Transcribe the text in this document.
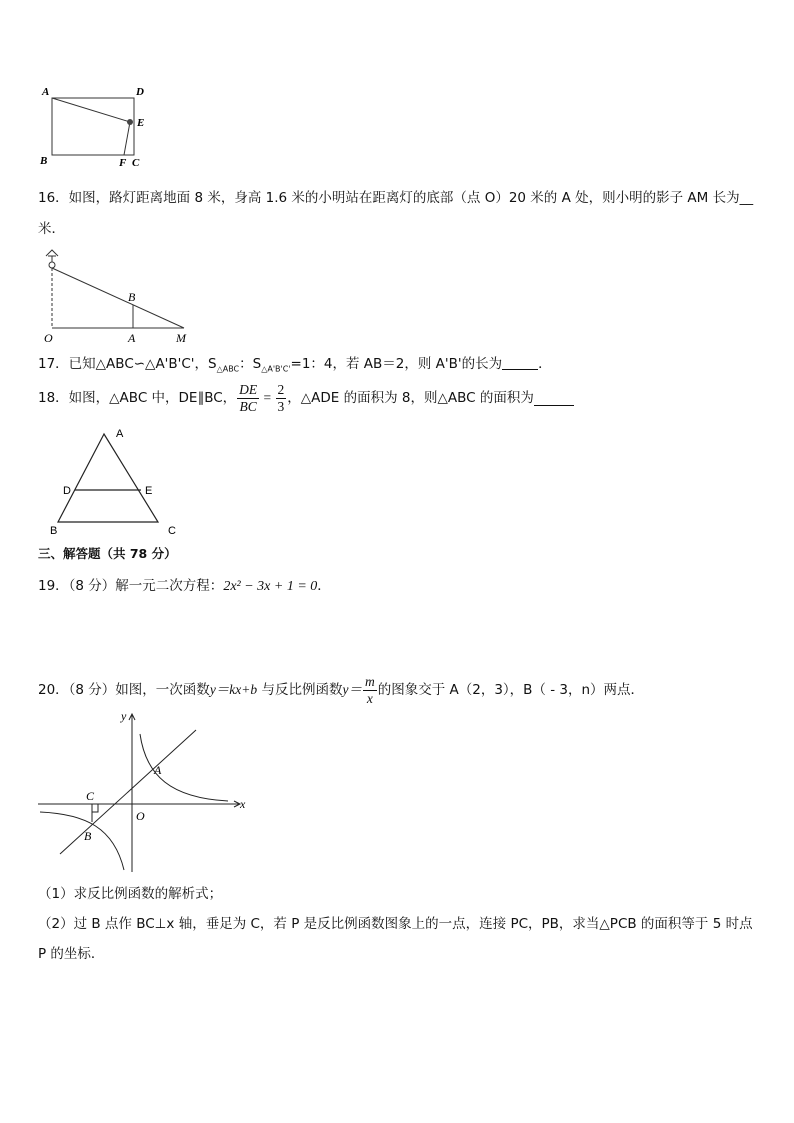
A	D
E
B	F C
16．如图，路灯距离地面 8 米，身高 1.6 米的小明站在距离灯的底部（点 O）20 米的 A 处，则小明的影子 AM 长为__
米．
O	A
B
M
17．已知△ABC∽△A'B'C'，$S_{\triangle ABC}$：$S_{\triangle A'B'C'}=1$：4，若 AB＝2，则 A'B'的长为	．
18．如图，△ABC 中，DE∥BC， $\frac{DE}{BC} = \frac{2}{3}$ ，△ADE 的面积为 8，则△ABC 的面积为
A
D	E
B	C
三、解答题（共 78 分）
19．（8 分）解一元二次方程：2x² − 3x + 1 = 0．
20．（8 分）如图，一次函数y＝kx+b 与反比例函数$y= \frac{m}{x}$ 的图象交于 A（2，3），B（ - 3，n）两点．
y
x
O
A
C
B
（1）求反比例函数的解析式；
（2）过 B 点作 BC⊥x 轴，垂足为 C，若 P 是反比例函数图象上的一点，连接 PC，PB，求当△PCB 的面积等于 5 时点
P 的坐标．
